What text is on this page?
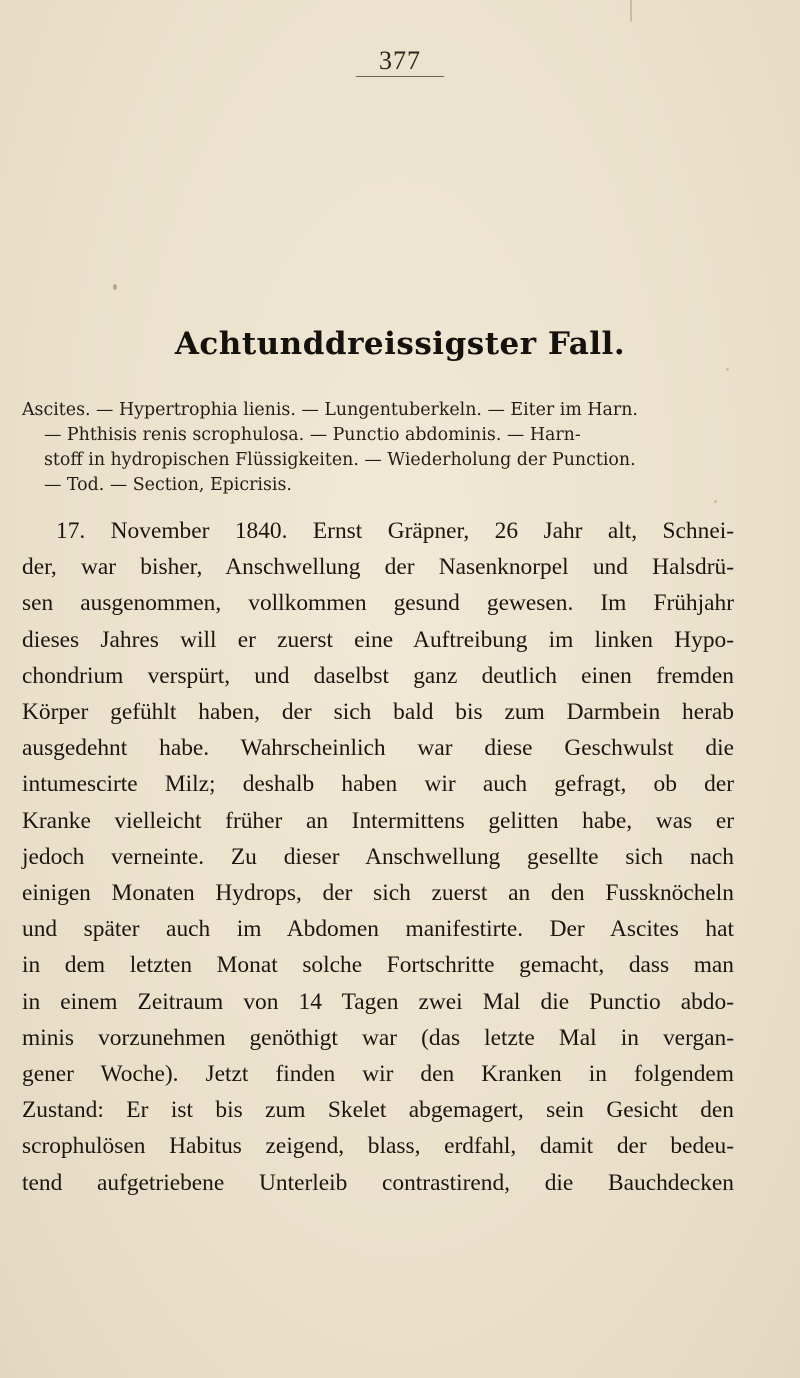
377
Achtunddreissigster Fall.
Ascites. — Hypertrophia lienis. — Lungentuberkeln. — Eiter im Harn.
— Phthisis renis scrophulosa. — Punctio abdominis. — Harn-
stoff in hydropischen Flüssigkeiten. — Wiederholung der Punction.
— Tod. — Section, Epicrisis.
17. November 1840. Ernst Gräpner, 26 Jahr alt, Schnei-
der, war bisher, Anschwellung der Nasenknorpel und Halsdrü-
sen ausgenommen, vollkommen gesund gewesen. Im Frühjahr
dieses Jahres will er zuerst eine Auftreibung im linken Hypo-
chondrium verspürt, und daselbst ganz deutlich einen fremden
Körper gefühlt haben, der sich bald bis zum Darmbein herab
ausgedehnt habe. Wahrscheinlich war diese Geschwulst die
intumescirte Milz; deshalb haben wir auch gefragt, ob der
Kranke vielleicht früher an Intermittens gelitten habe, was er
jedoch verneinte. Zu dieser Anschwellung gesellte sich nach
einigen Monaten Hydrops, der sich zuerst an den Fussknöcheln
und später auch im Abdomen manifestirte. Der Ascites hat
in dem letzten Monat solche Fortschritte gemacht, dass man
in einem Zeitraum von 14 Tagen zwei Mal die Punctio abdo-
minis vorzunehmen genöthigt war (das letzte Mal in vergan-
gener Woche). Jetzt finden wir den Kranken in folgendem
Zustand: Er ist bis zum Skelet abgemagert, sein Gesicht den
scrophulösen Habitus zeigend, blass, erdfahl, damit der bedeu-
tend aufgetriebene Unterleib contrastirend, die Bauchdecken
